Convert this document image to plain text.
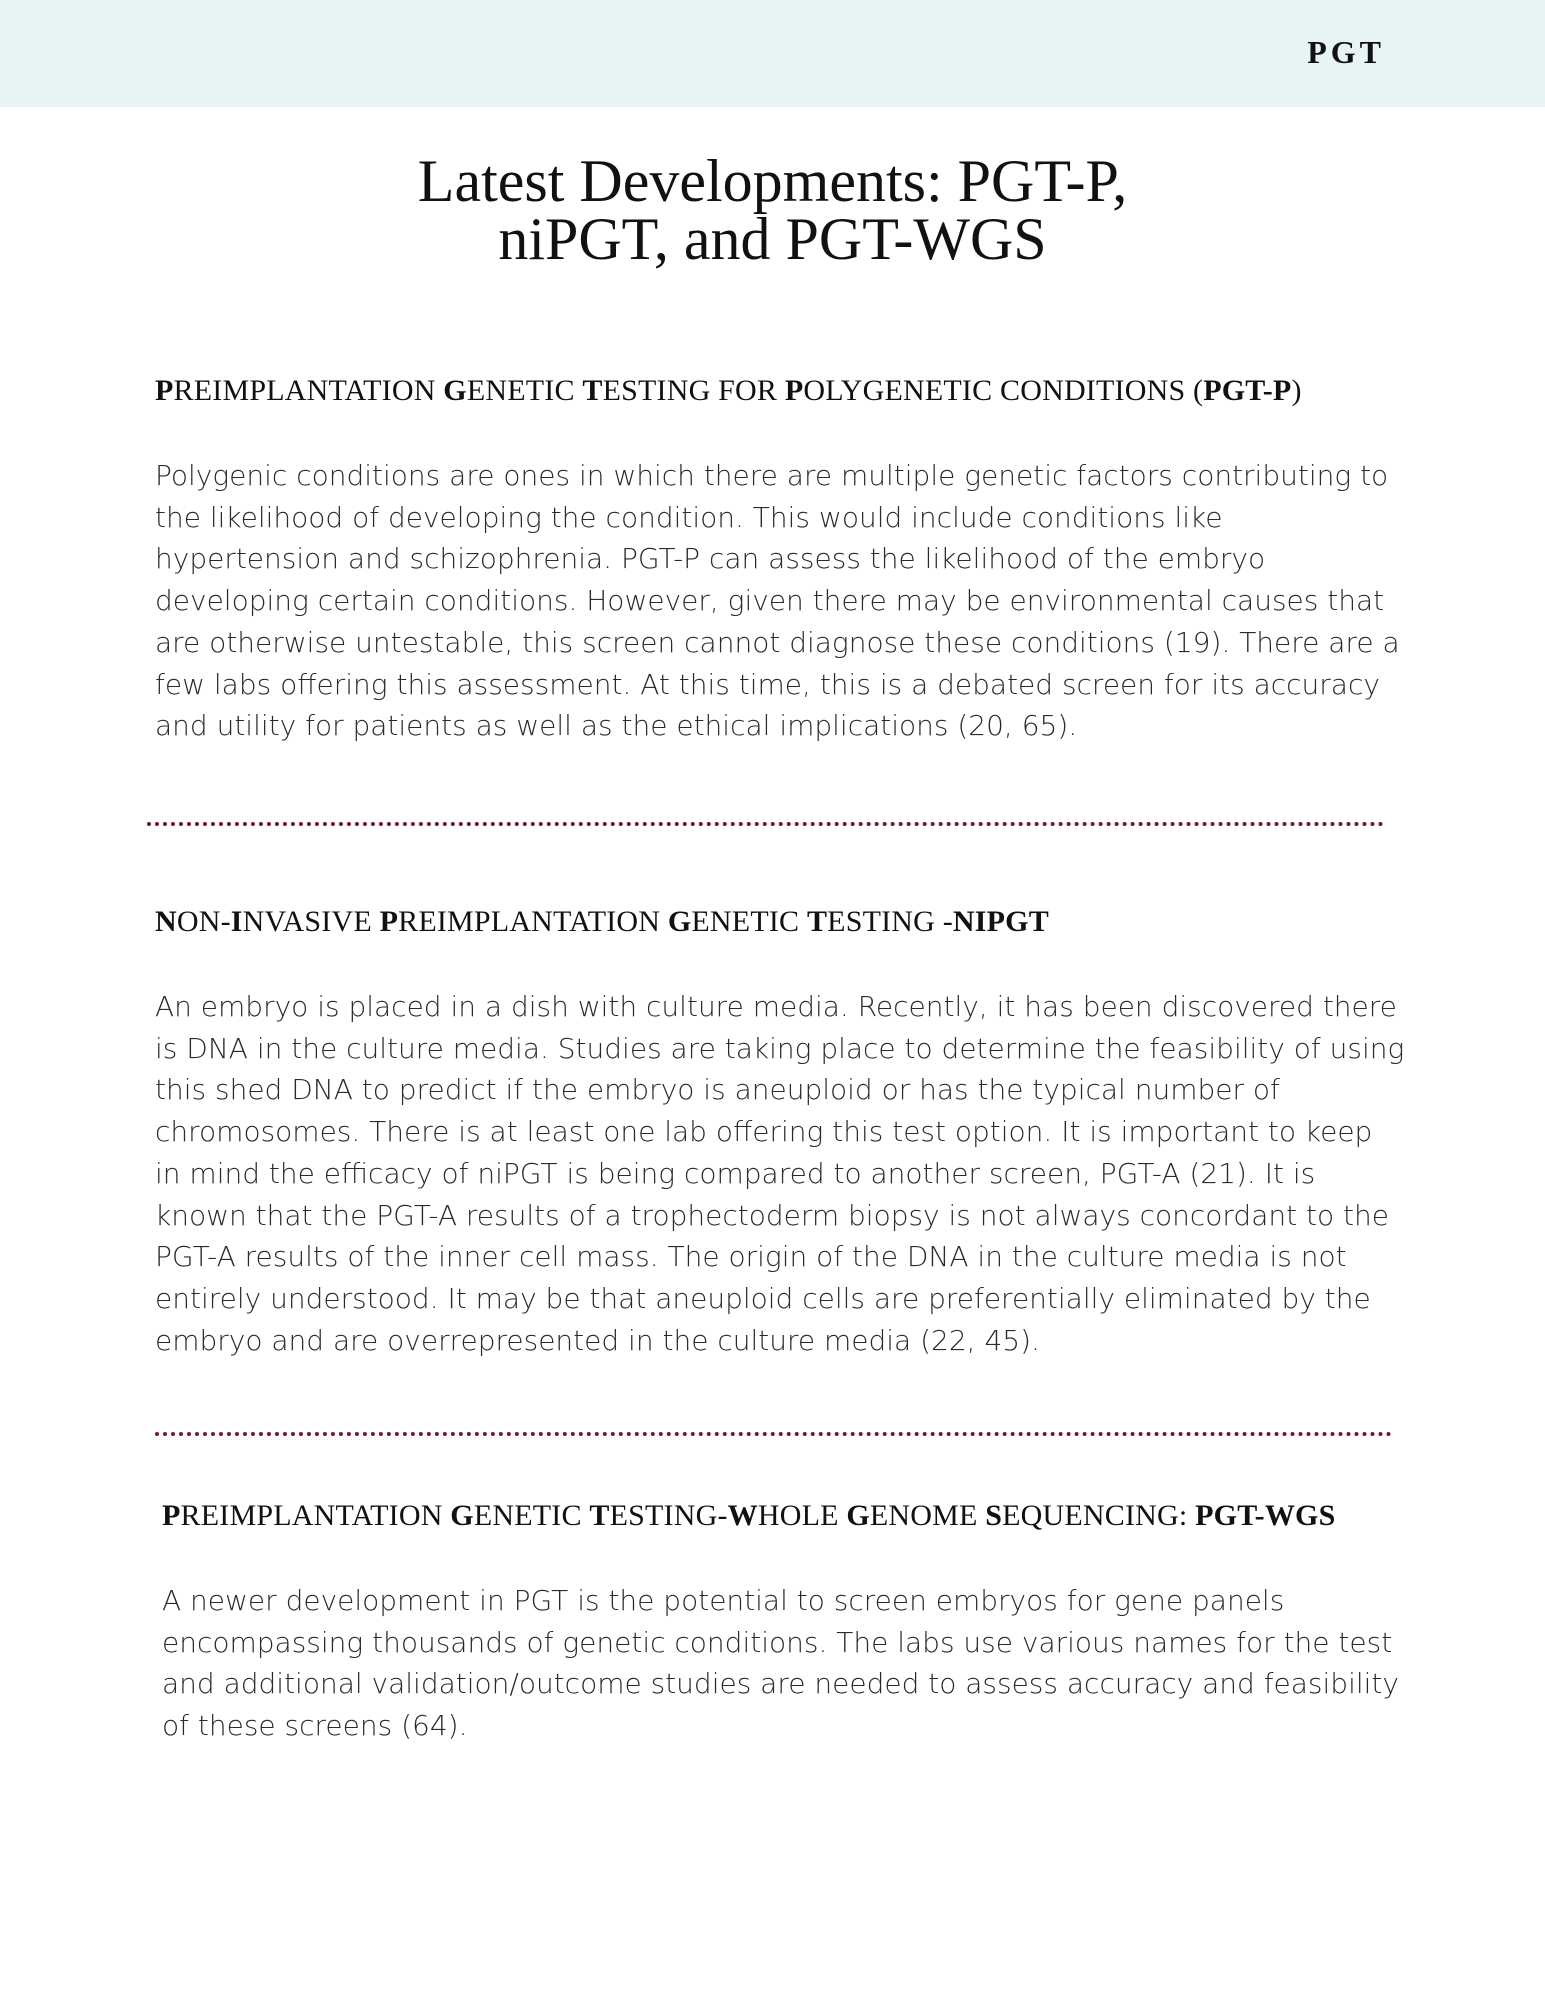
PGT
Latest Developments: PGT-P,
niPGT, and PGT-WGS
PREIMPLANTATION GENETIC TESTING FOR POLYGENETIC CONDITIONS (PGT-P)

Polygenic conditions are ones in which there are multiple genetic factors contributing to the likelihood of developing the condition. This would include conditions like hypertension and schizophrenia. PGT-P can assess the likelihood of the embryo developing certain conditions. However, given there may be environmental causes that are otherwise untestable, this screen cannot diagnose these conditions (19). There are a few labs offering this assessment. At this time, this is a debated screen for its accuracy and utility for patients as well as the ethical implications (20, 65).

NON-INVASIVE PREIMPLANTATION GENETIC TESTING -NIPGT

An embryo is placed in a dish with culture media. Recently, it has been discovered there is DNA in the culture media. Studies are taking place to determine the feasibility of using this shed DNA to predict if the embryo is aneuploid or has the typical number of chromosomes. There is at least one lab offering this test option. It is important to keep in mind the efficacy of niPGT is being compared to another screen, PGT-A (21). It is known that the PGT-A results of a trophectoderm biopsy is not always concordant to the PGT-A results of the inner cell mass. The origin of the DNA in the culture media is not entirely understood. It may be that aneuploid cells are preferentially eliminated by the embryo and are overrepresented in the culture media (22, 45).

PREIMPLANTATION GENETIC TESTING-WHOLE GENOME SEQUENCING: PGT-WGS

A newer development in PGT is the potential to screen embryos for gene panels encompassing thousands of genetic conditions. The labs use various names for the test and additional validation/outcome studies are needed to assess accuracy and feasibility of these screens (64).
